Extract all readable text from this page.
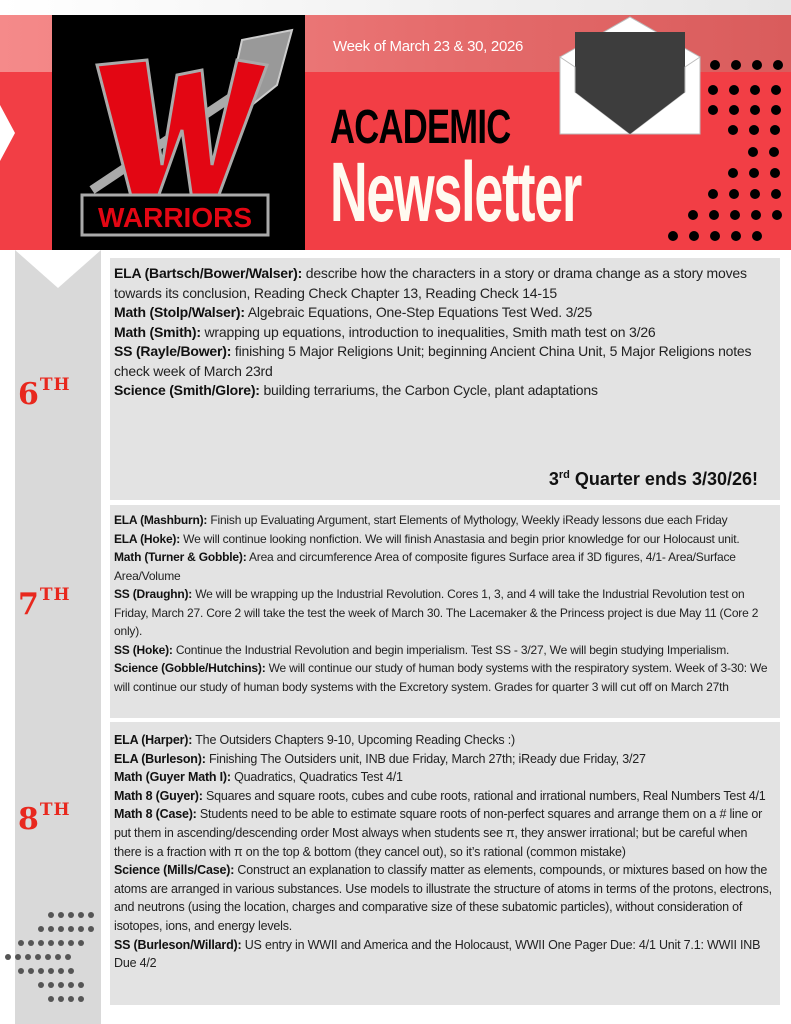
WARRIORS
Week of March 23 & 30, 2026
ACADEMIC
Newsletter
6TH
7TH
8TH

ELA (Bartsch/Bower/Walser): describe how the characters in a story or drama change as a story moves towards its conclusion, Reading Check Chapter 13, Reading Check 14-15

Math (Stolp/Walser): Algebraic Equations, One-Step Equations Test Wed. 3/25

Math (Smith): wrapping up equations, introduction to inequalities, Smith math test on 3/26

SS (Rayle/Bower): finishing 5 Major Religions Unit; beginning Ancient China Unit, 5 Major Religions notes check week of March 23rd

Science (Smith/Glore): building terrariums, the Carbon Cycle, plant adaptations

3rd Quarter ends 3/30/26!

ELA (Mashburn): Finish up Evaluating Argument, start Elements of Mythology, Weekly iReady lessons due each Friday

ELA (Hoke): We will continue looking nonfiction. We will finish Anastasia and begin prior knowledge for our Holocaust unit.

Math (Turner & Gobble): Area and circumference Area of composite figures Surface area if 3D figures, 4/1- Area/Surface Area/Volume

SS (Draughn): We will be wrapping up the Industrial Revolution. Cores 1, 3, and 4 will take the Industrial Revolution test on Friday, March 27. Core 2 will take the test the week of March 30. The Lacemaker & the Princess project is due May 11 (Core 2 only).

SS (Hoke): Continue the Industrial Revolution and begin imperialism. Test SS - 3/27, We will begin studying Imperialism.

Science (Gobble/Hutchins): We will continue our study of human body systems with the respiratory system. Week of 3-30: We will continue our study of human body systems with the Excretory system. Grades for quarter 3 will cut off on March 27th

ELA (Harper): The Outsiders Chapters 9-10, Upcoming Reading Checks :)

ELA (Burleson): Finishing The Outsiders unit, INB due Friday, March 27th; iReady due Friday, 3/27

Math (Guyer Math I): Quadratics, Quadratics Test 4/1

Math 8 (Guyer): Squares and square roots, cubes and cube roots, rational and irrational numbers, Real Numbers Test 4/1

Math 8 (Case): Students need to be able to estimate square roots of non-perfect squares and arrange them on a # line or put them in ascending/descending order Most always when students see π, they answer irrational; but be careful when there is a fraction with π on the top & bottom (they cancel out), so it’s rational (common mistake)

Science (Mills/Case): Construct an explanation to classify matter as elements, compounds, or mixtures based on how the atoms are arranged in various substances. Use models to illustrate the structure of atoms in terms of the protons, electrons, and neutrons (using the location, charges and comparative size of these subatomic particles), without consideration of isotopes, ions, and energy levels.

SS (Burleson/Willard): US entry in WWII and America and the Holocaust, WWII One Pager Due: 4/1 Unit 7.1: WWII INB Due 4/2
